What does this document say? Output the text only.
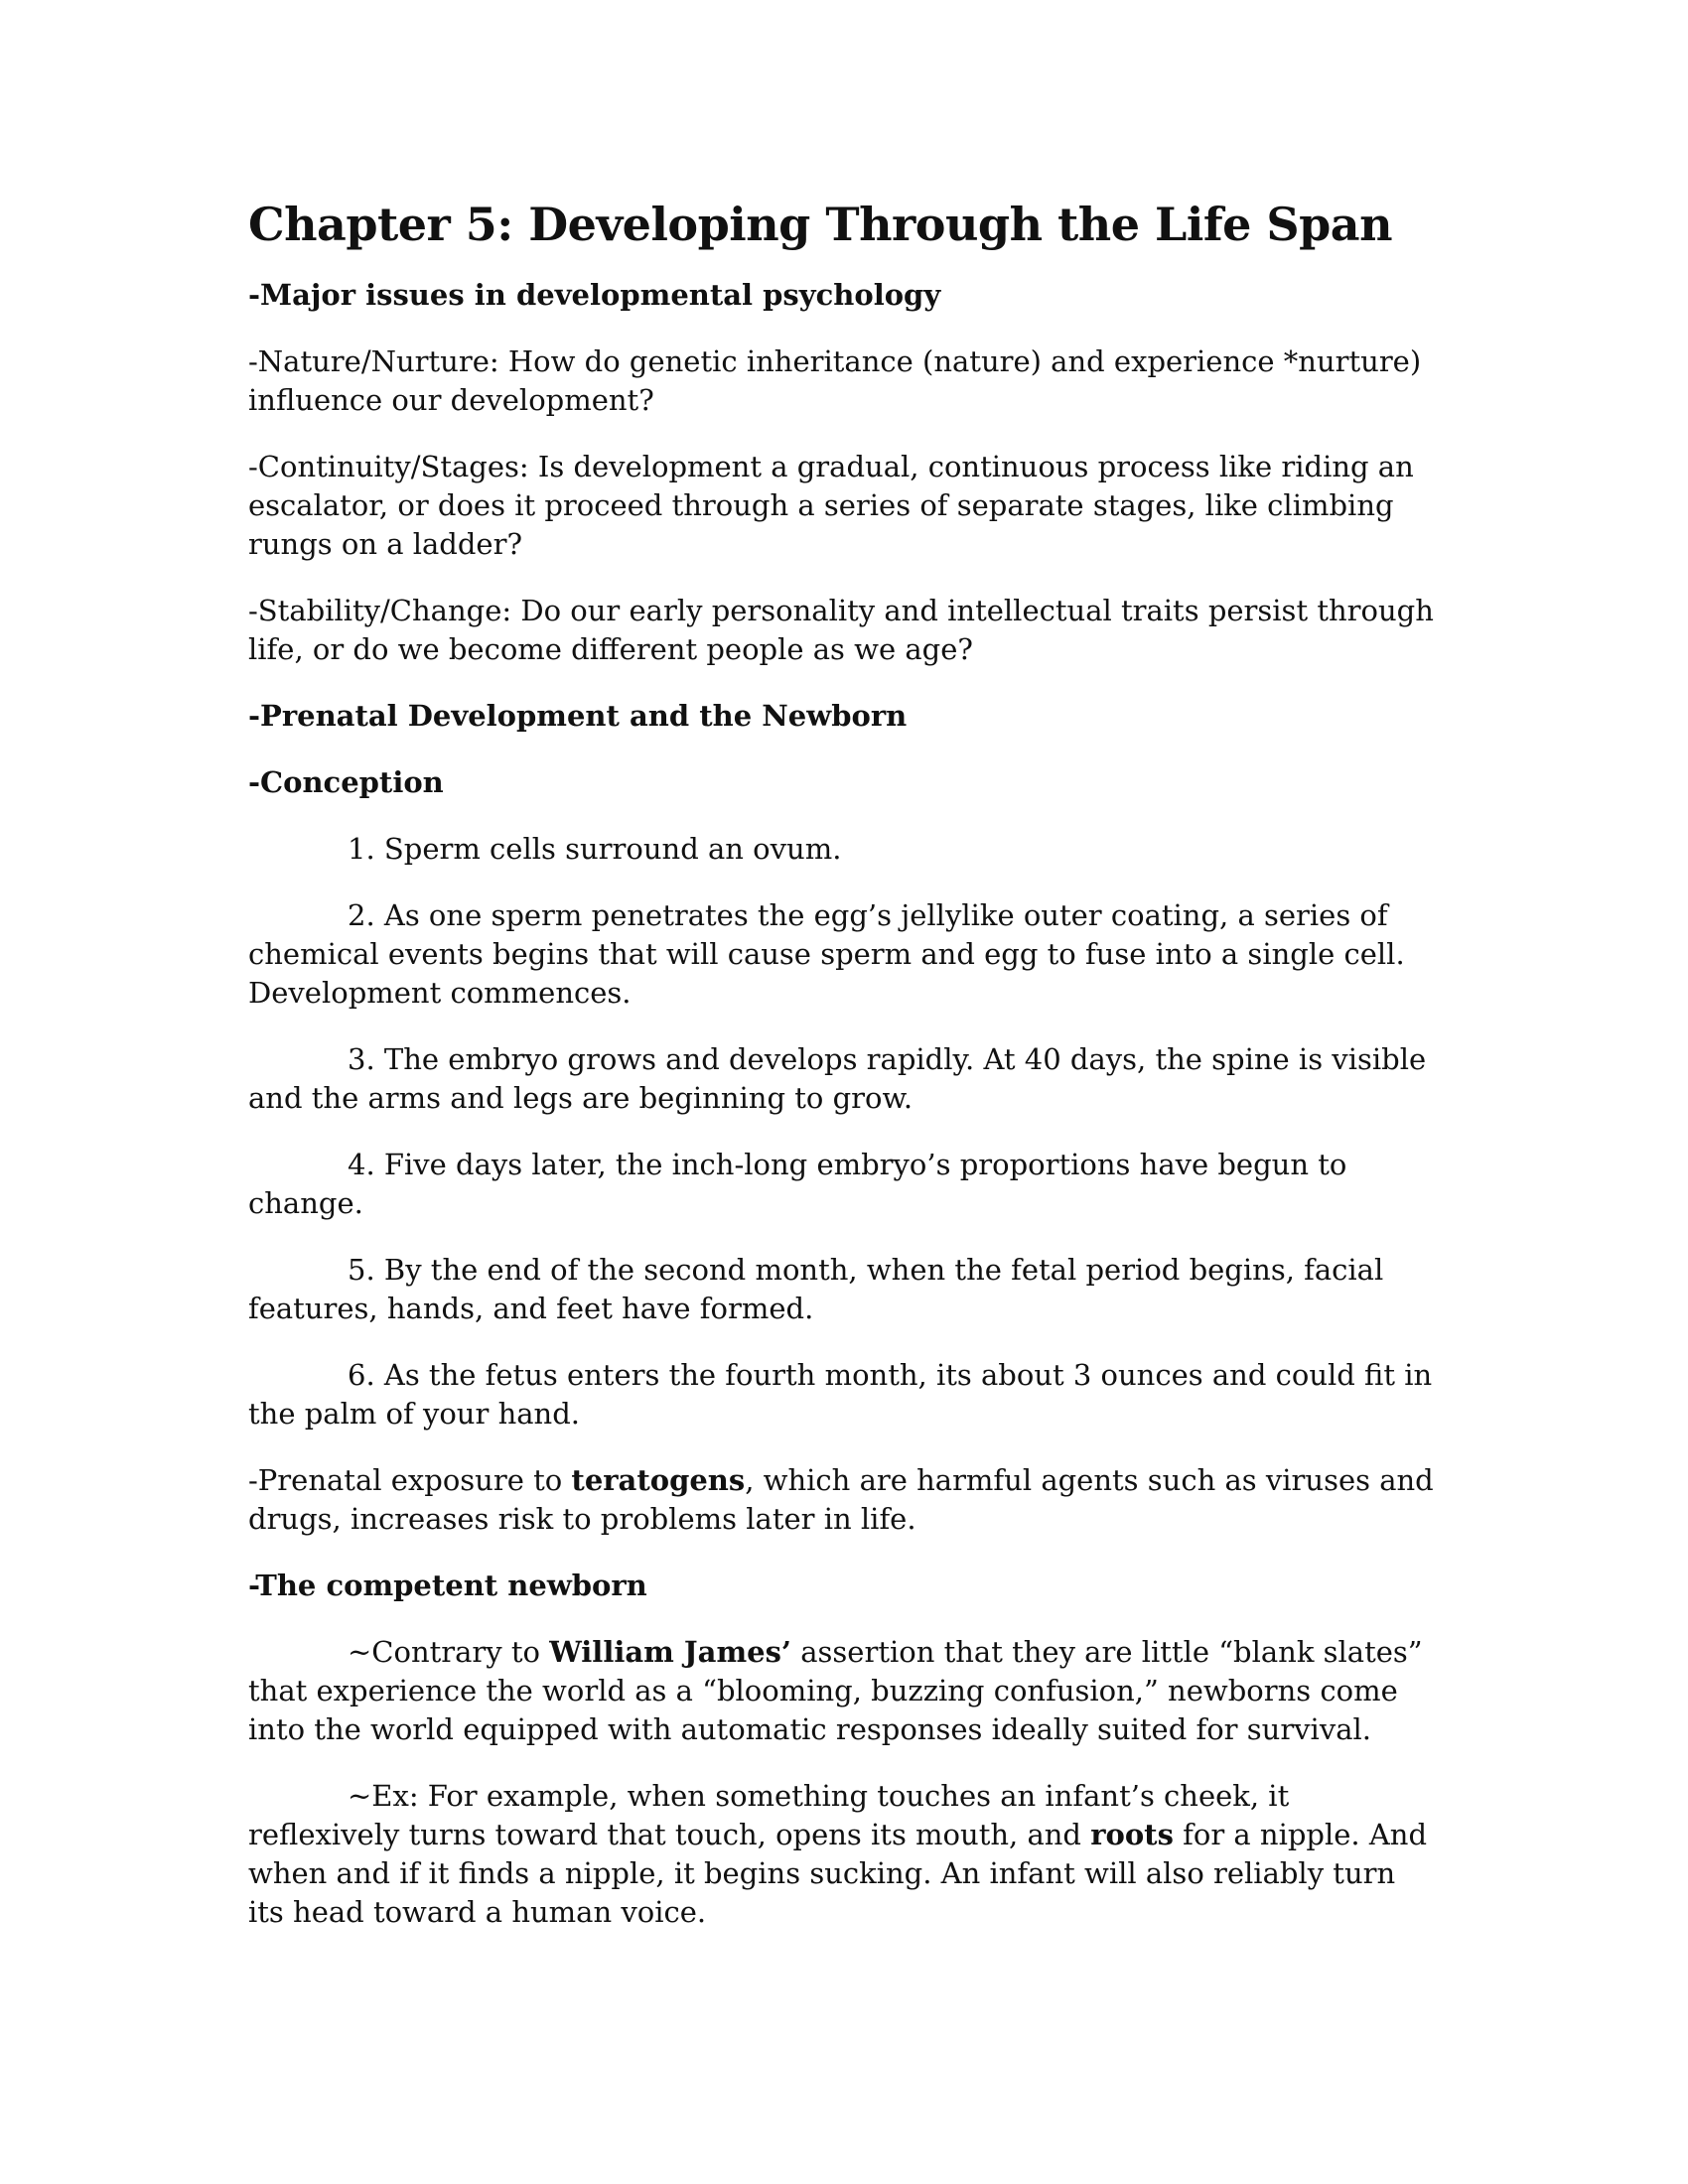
Chapter 5: Developing Through the Life Span
-Major issues in developmental psychology
-Nature/Nurture: How do genetic inheritance (nature) and experience *nurture) influence our development?
-Continuity/Stages: Is development a gradual, continuous process like riding an escalator, or does it proceed through a series of separate stages, like climbing rungs on a ladder?
-Stability/Change: Do our early personality and intellectual traits persist through life, or do we become different people as we age?
-Prenatal Development and the Newborn
-Conception
1. Sperm cells surround an ovum.
2. As one sperm penetrates the egg’s jellylike outer coating, a series of chemical events begins that will cause sperm and egg to fuse into a single cell. Development commences.
3. The embryo grows and develops rapidly. At 40 days, the spine is visible and the arms and legs are beginning to grow.
4. Five days later, the inch-long embryo’s proportions have begun to change.
5. By the end of the second month, when the fetal period begins, facial features, hands, and feet have formed.
6. As the fetus enters the fourth month, its about 3 ounces and could fit in the palm of your hand.
-Prenatal exposure to teratogens, which are harmful agents such as viruses and drugs, increases risk to problems later in life.
-The competent newborn
~Contrary to William James’ assertion that they are little “blank slates” that experience the world as a “blooming, buzzing confusion,” newborns come into the world equipped with automatic responses ideally suited for survival.
~Ex: For example, when something touches an infant’s cheek, it reflexively turns toward that touch, opens its mouth, and roots for a nipple. And when and if it finds a nipple, it begins sucking. An infant will also reliably turn its head toward a human voice.
